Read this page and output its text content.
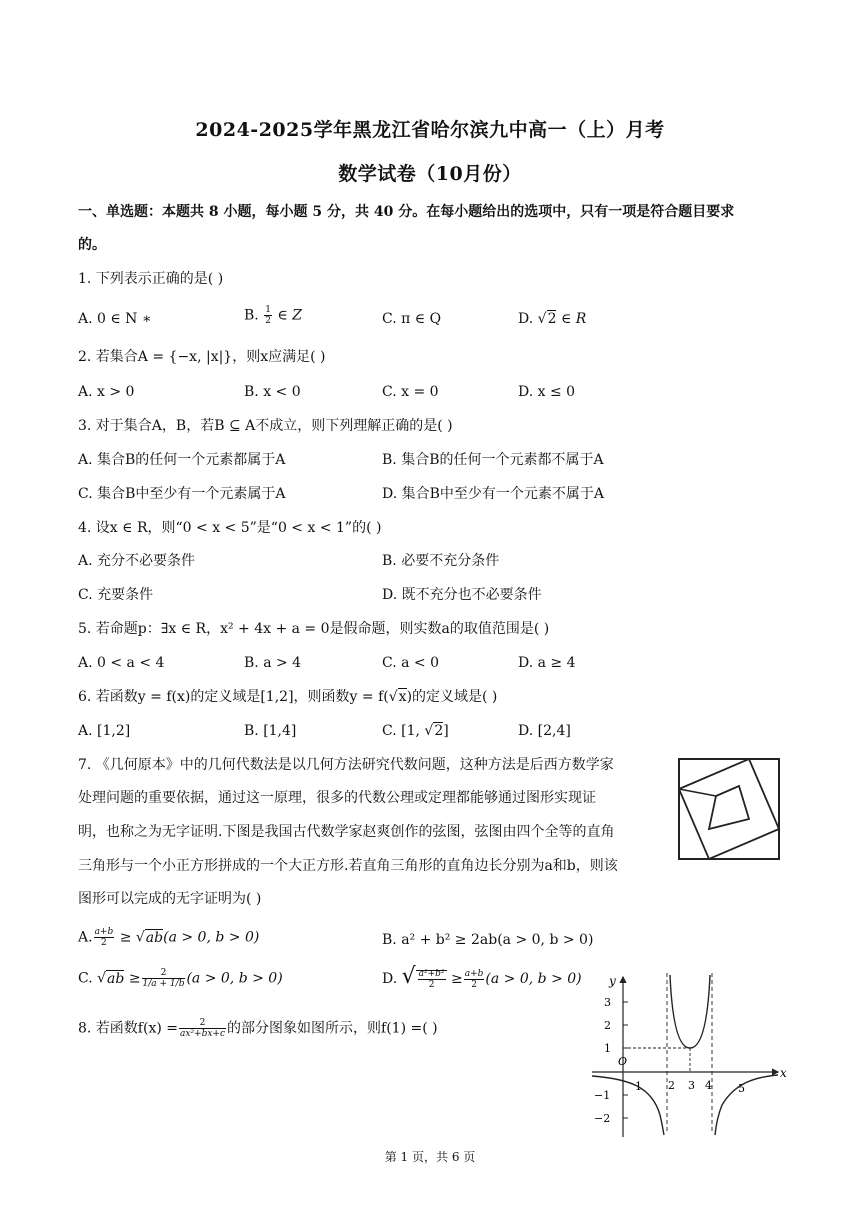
2024-2025学年黑龙江省哈尔滨九中高一（上）月考
数学试卷（10月份）
一、单选题：本题共 8 小题，每小题 5 分，共 40 分。在每小题给出的选项中，只有一项是符合题目要求
的。
1. 下列表示正确的是( )
A. 0 ∈ N ∗	B. $\frac{1}{2}$ ∈ Z	C. π ∈ Q	D. √2 ∈ R
2. 若集合A = {−x, |x|}，则x应满足( )
A. x > 0	B. x < 0	C. x = 0	D. x ≤ 0
3. 对于集合A，B，若B ⊆ A不成立，则下列理解正确的是( )
A. 集合B的任何一个元素都属于A	B. 集合B的任何一个元素都不属于A
C. 集合B中至少有一个元素属于A	D. 集合B中至少有一个元素不属于A
4. 设x ∈ R，则“0 < x < 5”是“0 < x < 1”的( )
A. 充分不必要条件	B. 必要不充分条件
C. 充要条件	D. 既不充分也不必要条件
5. 若命题p：∃x ∈ R，x² + 4x + a = 0是假命题，则实数a的取值范围是( )
A. 0 < a < 4	B. a > 4	C. a < 0	D. a ≥ 4
6. 若函数y = f(x)的定义域是[1,2]，则函数y = f(√x)的定义域是( )
A. [1,2]	B. [1,4]	C. [1, √2]	D. [2,4]
7. 《几何原本》中的几何代数法是以几何方法研究代数问题，这种方法是后西方数学家
处理问题的重要依据，通过这一原理，很多的代数公理或定理都能够通过图形实现证
明，也称之为无字证明.下图是我国古代数学家赵爽创作的弦图，弦图由四个全等的直角
三角形与一个小正方形拼成的一个大正方形.若直角三角形的直角边长分别为a和b，则该
图形可以完成的无字证明为( )
A. $\frac{a+b}{2} \ge √ab(a > 0$, b > 0)	B. a² + b² ≥ 2ab(a > 0, b > 0)
C. $√ab \ge \frac{2}{1/a + 1/b} (a > 0$, b > 0)	D. √ $\frac{\text{a²+b²}}{2} \ge \frac{a+b}{2} (a > 0$, b > 0)
8. 若函数$f(x) = \frac{2}{\text{ax²+bx+c}}$ 的部分图象如图所示，则f(1) =( )
x
y
O
3
2
1
−1
−2
1 2 3 4 5
第 1 页，共 6 页
